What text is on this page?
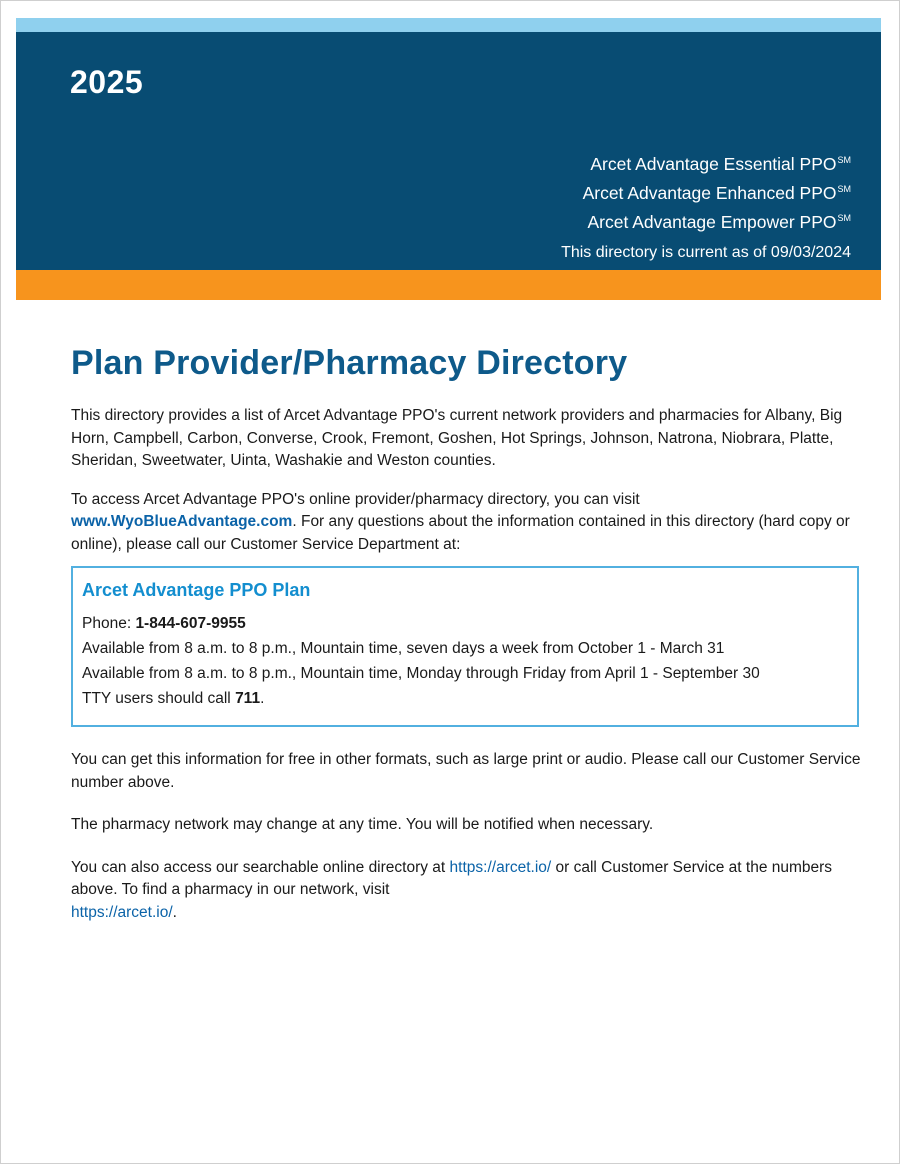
2025
Arcet Advantage Essential PPO℠
Arcet Advantage Enhanced PPO℠
Arcet Advantage Empower PPO℠
This directory is current as of 09/03/2024
Plan Provider/Pharmacy Directory

This directory provides a list of Arcet Advantage PPO's current network providers and pharmacies for Albany, Big Horn, Campbell, Carbon, Converse, Crook, Fremont, Goshen, Hot Springs, Johnson, Natrona, Niobrara, Platte, Sheridan, Sweetwater, Uinta, Washakie and Weston counties.

To access Arcet Advantage PPO's online provider/pharmacy directory, you can visit
www.WyoBlueAdvantage.com. For any questions about the information contained in this directory (hard copy or online), please call our Customer Service Department at:

Arcet Advantage PPO Plan
Phone: 1-844-607-9955
Available from 8 a.m. to 8 p.m., Mountain time, seven days a week from October 1 - March 31
Available from 8 a.m. to 8 p.m., Mountain time, Monday through Friday from April 1 - September 30
TTY users should call 711.

You can get this information for free in other formats, such as large print or audio. Please call our Customer Service number above.

The pharmacy network may change at any time. You will be notified when necessary.

You can also access our searchable online directory at https://arcet.io/ or call Customer Service at the numbers above. To find a pharmacy in our network, visit
https://arcet.io/.
